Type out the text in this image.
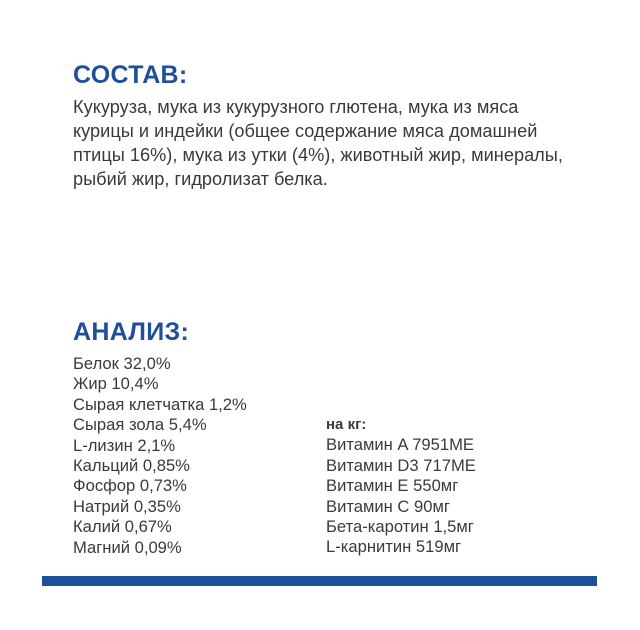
СОСТАВ:

Кукуруза, мука из кукурузного глютена, мука из мяса курицы и индейки (общее содержание мяса домашней птицы 16%), мука из утки (4%), животный жир, минералы, рыбий жир, гидролизат белка.

АНАЛИЗ:
Белок 32,0%
Жир 10,4%
Сырая клетчатка 1,2%
Сырая зола 5,4%
L-лизин 2,1%
Кальций 0,85%
Фосфор 0,73%
Натрий 0,35%
Калий 0,67%
Магний 0,09%
на кг:
Витамин A 7951МЕ
Витамин D3 717МЕ
Витамин E 550мг
Витамин С 90мг
Бета-каротин 1,5мг
L-карнитин 519мг
